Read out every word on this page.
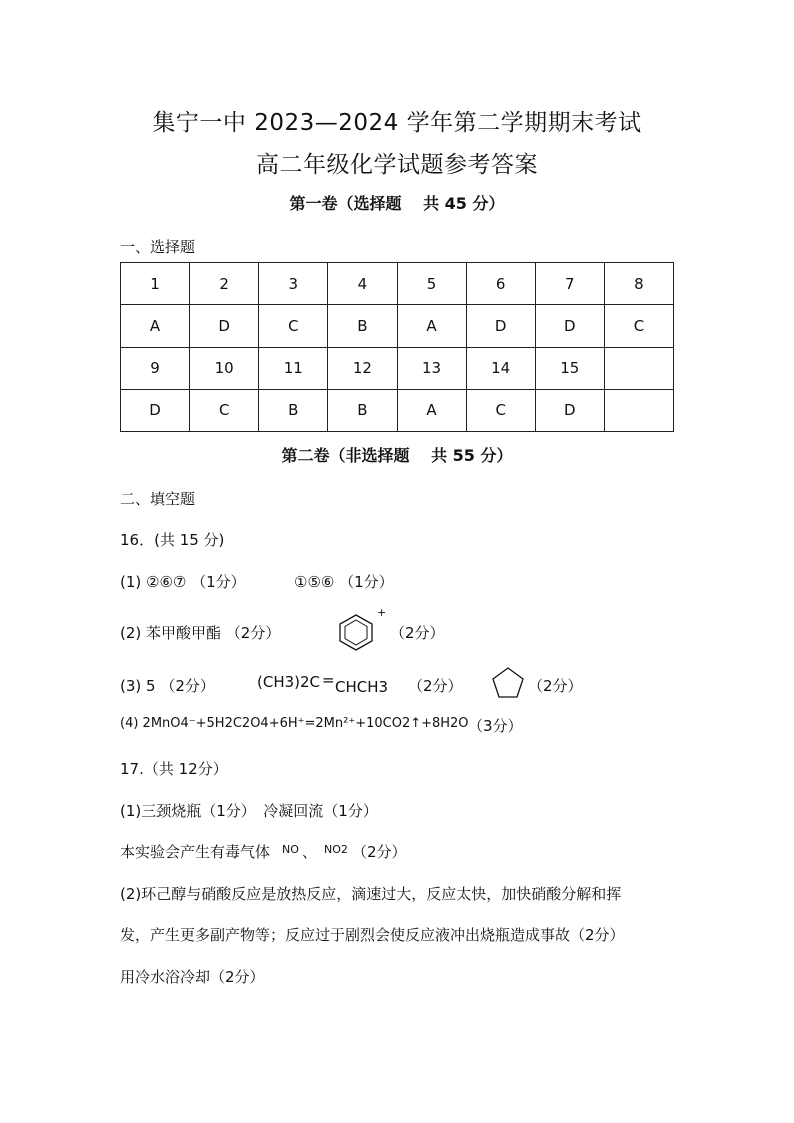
集宁一中 2023—2024 学年第二学期期末考试
高二年级化学试题参考答案
第一卷（选择题　 共 45 分）
一、选择题
1	2	3	4	5	6	7	8
A	D	C	B	A	D	D	C
9	10	11	12	13	14	15	
D	C	B	B	A	C	D	
第二卷（非选择题　 共 55 分）
二、填空题
16．(共 15 分)
(1) ②⑥⑦ （1分）	①⑤⑥ （1分）
(2) 苯甲酸甲酯 （2分）
+
（2分）
(3) 5 （2分）	(CH3)2C = CHCH3 （2分）	（2分）
(4) 2MnO4⁻+5H2C2O4+6H⁺=2Mn²⁺+10CO2↑+8H2O （3分）
17.（共 12分）
(1)三颈烧瓶（1分）　冷凝回流（1分）
本实验会产生有毒气体 NO 、 NO2 （2分）
(2)环己醇与硝酸反应是放热反应，滴速过大，反应太快，加快硝酸分解和挥
发，产生更多副产物等；反应过于剧烈会使反应液冲出烧瓶造成事故（2分）
用冷水浴冷却（2分）
